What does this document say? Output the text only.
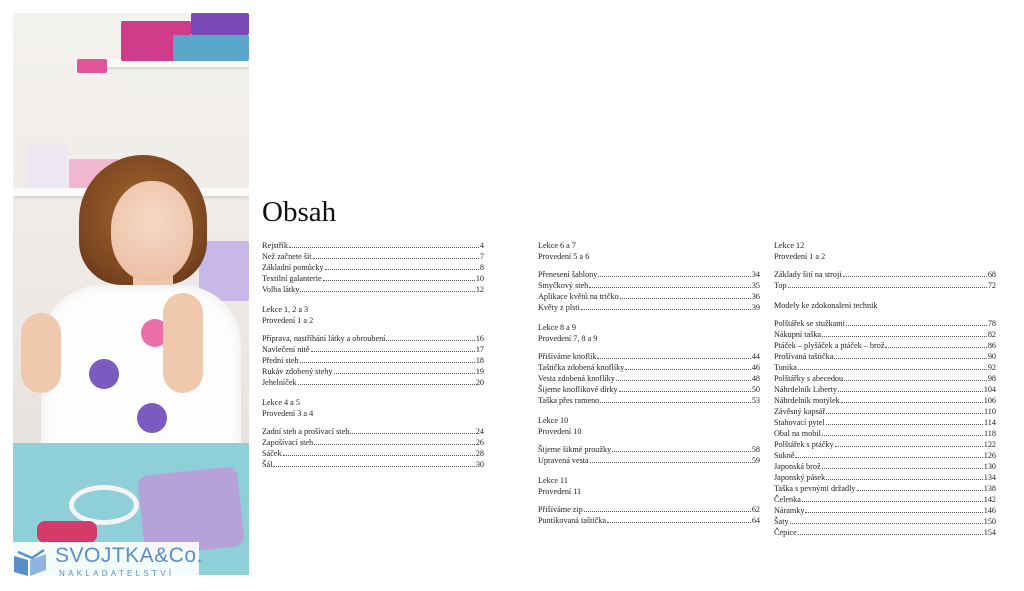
SVOJTKA&Co.
NAKLADATELSTVÍ
Obsah
Rejstřík	4
Než začnete šít	7
Základní pomůcky	8
Textilní galanterie	10
Volba látky	12
Lekce 1, 2 a 3
Provedení 1 a 2
Příprava, nastříhání látky a obroubení	16
Navlečení nitě	17
Přední steh	18
Rukáv zdobený stehy	19
Jehelníček	20
Lekce 4 a 5
Provedení 3 a 4
Zadní steh a prošívací steh	24
Zapošívací steh	26
Sáček	28
Šál	30
Lekce 6 a 7
Provedení 5 a 6
Přenesení šablony	34
Smyčkový steh	35
Aplikace květů na tričko	36
Květy z plsti	39
Lekce 8 a 9
Provedení 7, 8 a 9
Přišíváme knoflík	44
Taštička zdobená knoflíky	46
Vesta zdobená knoflíky	48
Šijeme knoflíkové dírky	50
Taška přes rameno	53
Lekce 10
Provedení 10
Šijeme šikmé proužky	58
Upravená vesta	59
Lekce 11
Provedení 11
Přišíváme zip	62
Puntíkovaná taštička	64
Lekce 12
Provedení 1 a 2
Základy šití na stroji	68
Top	72
Modely ke zdokonalení technik
Polštářek se stužkami	78
Nákupní taška	82
Ptáček – plyšáček a ptáček – brož	86
Prošívaná taštička	90
Tunika	92
Polštářky s abecedou	98
Náhrdelník Liberty	104
Náhrdelník motýlek	106
Závěsný kapsář	110
Stahovací pytel	114
Obal na mobil	118
Polštářek s ptáčky	122
Sukně	126
Japonská brož	130
Japonský pásek	134
Taška s pevnými držadly	138
Čelenka	142
Náramky	146
Šaty	150
Čepice	154
